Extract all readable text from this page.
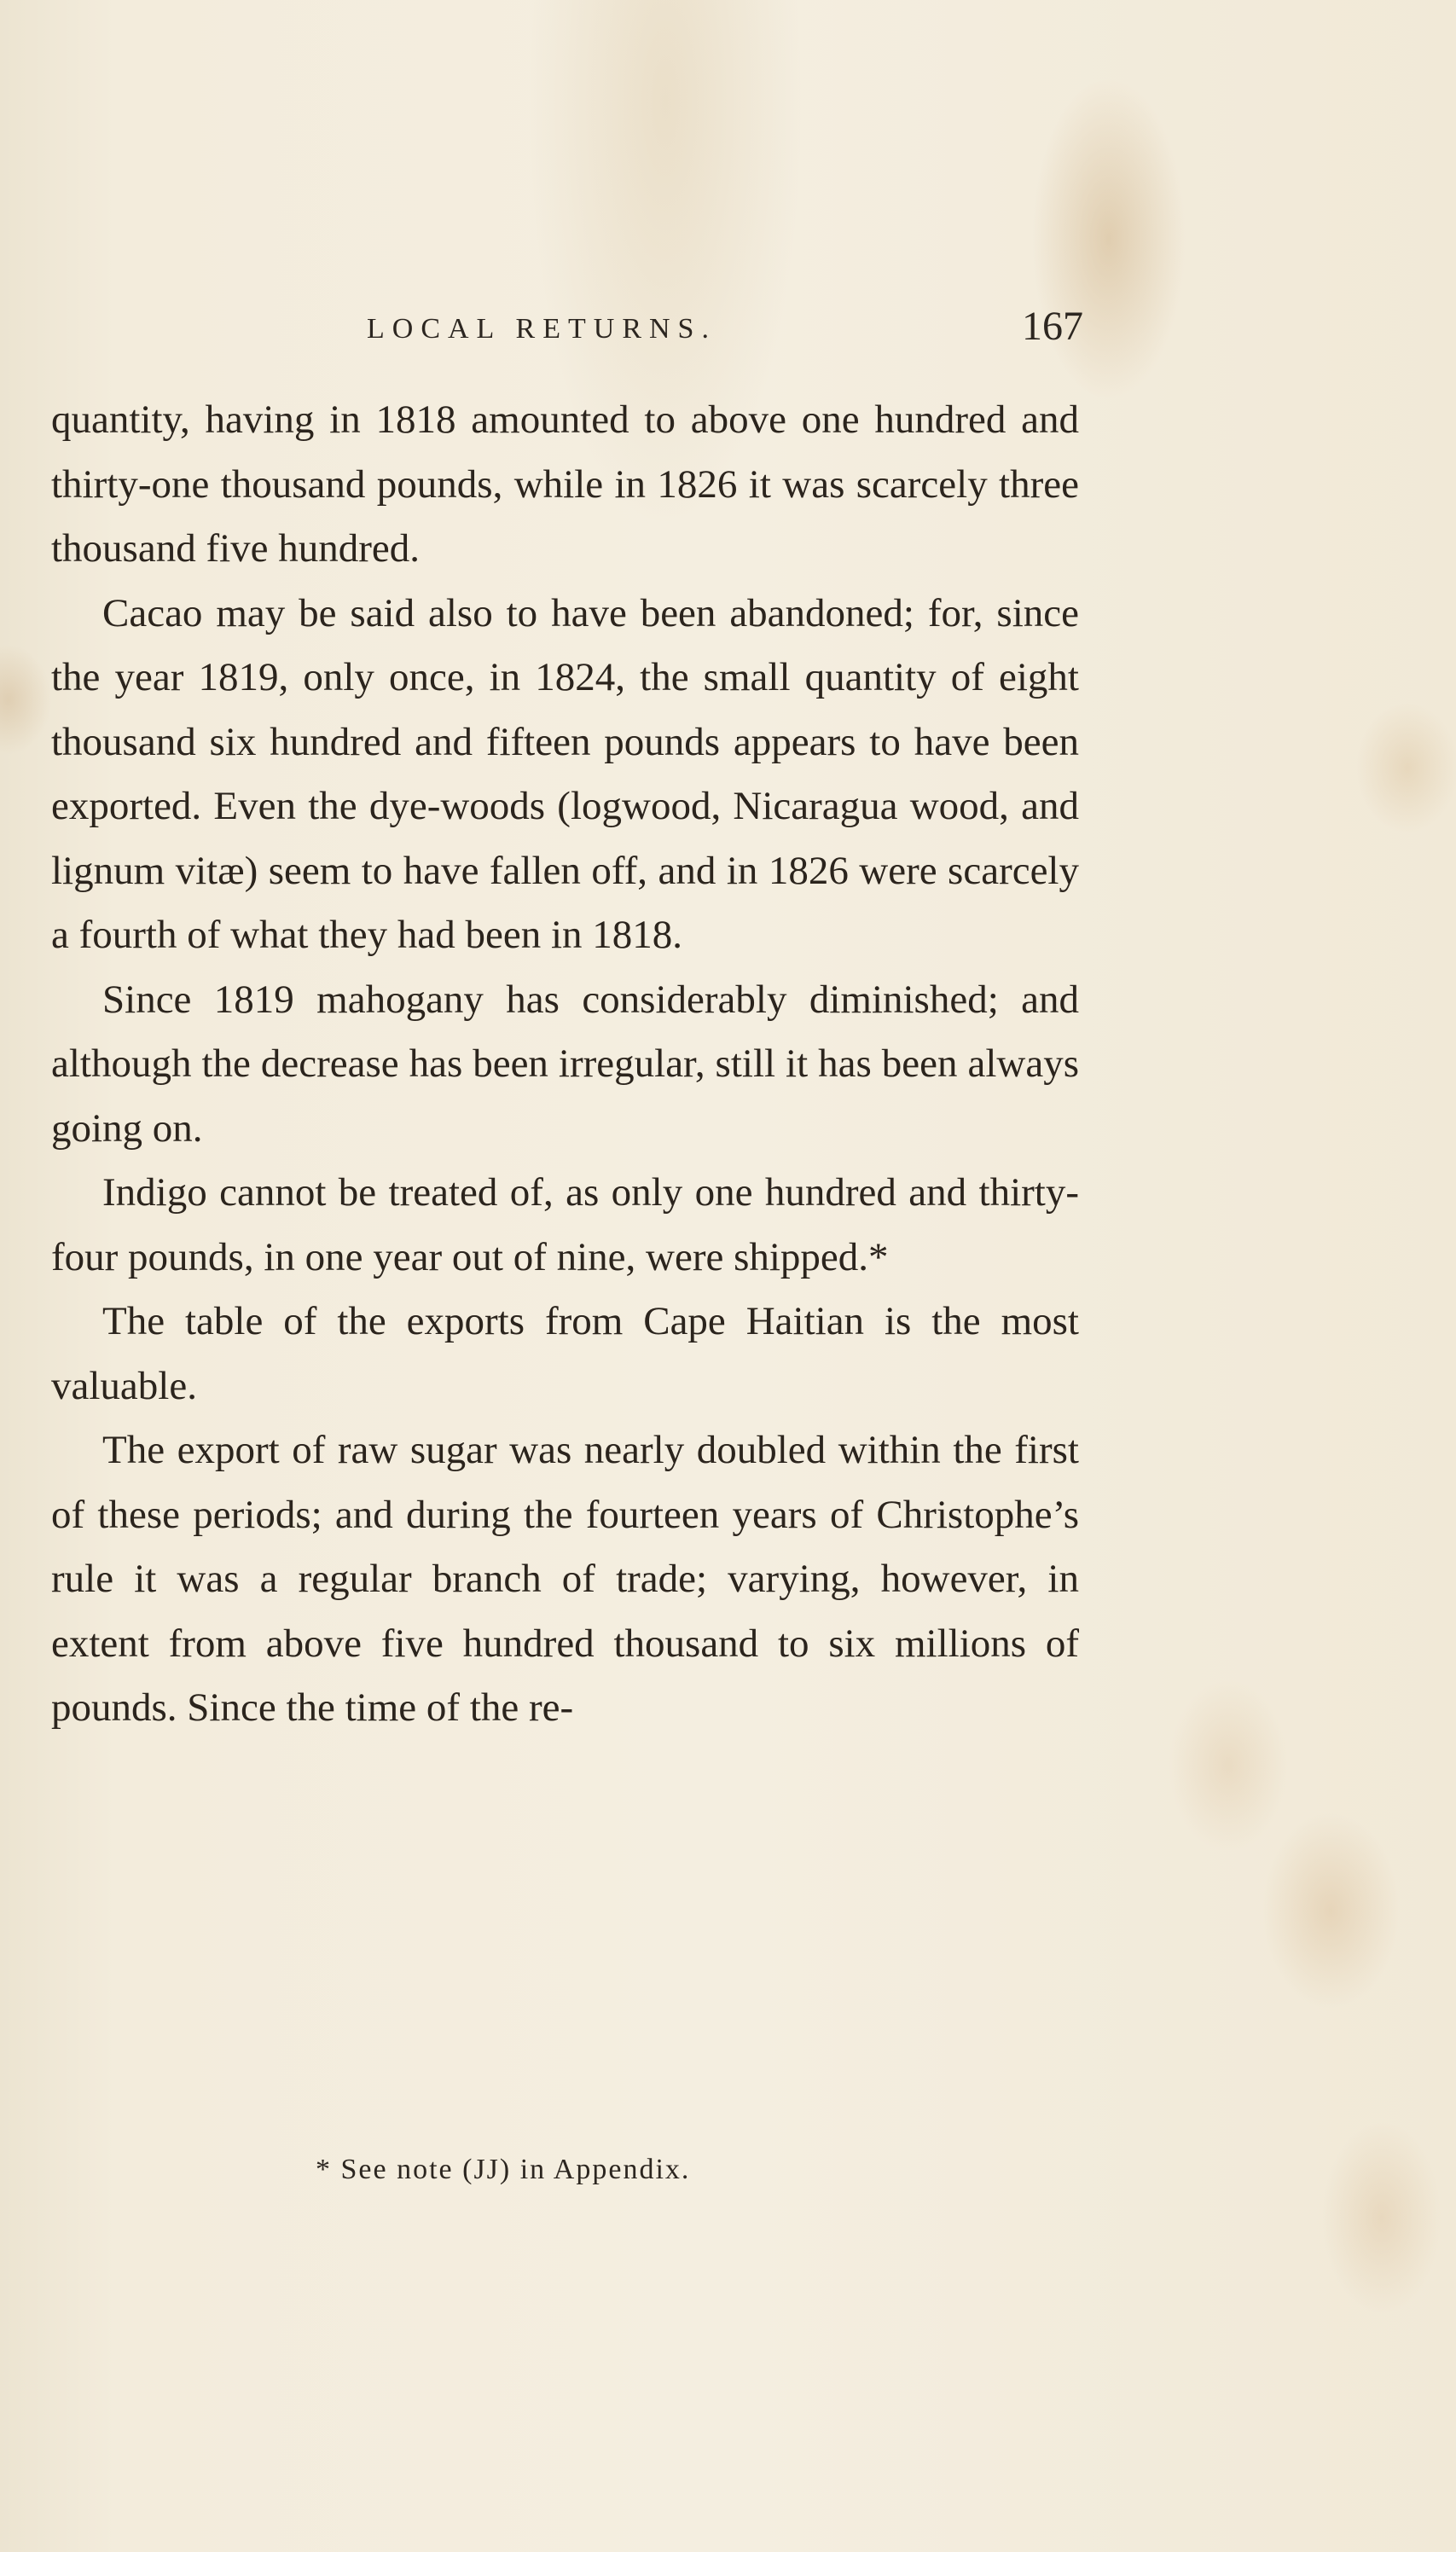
LOCAL RETURNS.	167

quantity, having in 1818 amounted to above one hundred and thirty-one thousand pounds, while in 1826 it was scarcely three thousand five hundred.

Cacao may be said also to have been abandoned; for, since the year 1819, only once, in 1824, the small quantity of eight thousand six hundred and fifteen pounds appears to have been exported. Even the dye-woods (logwood, Nicaragua wood, and lignum vitæ) seem to have fallen off, and in 1826 were scarcely a fourth of what they had been in 1818.

Since 1819 mahogany has considerably diminished; and although the decrease has been irregular, still it has been always going on.

Indigo cannot be treated of, as only one hundred and thirty-four pounds, in one year out of nine, were shipped.*

The table of the exports from Cape Haitian is the most valuable.

The export of raw sugar was nearly doubled within the first of these periods; and during the fourteen years of Christophe’s rule it was a regular branch of trade; varying, however, in extent from above five hundred thousand to six millions of pounds. Since the time of the re-

* See note (JJ) in Appendix.
